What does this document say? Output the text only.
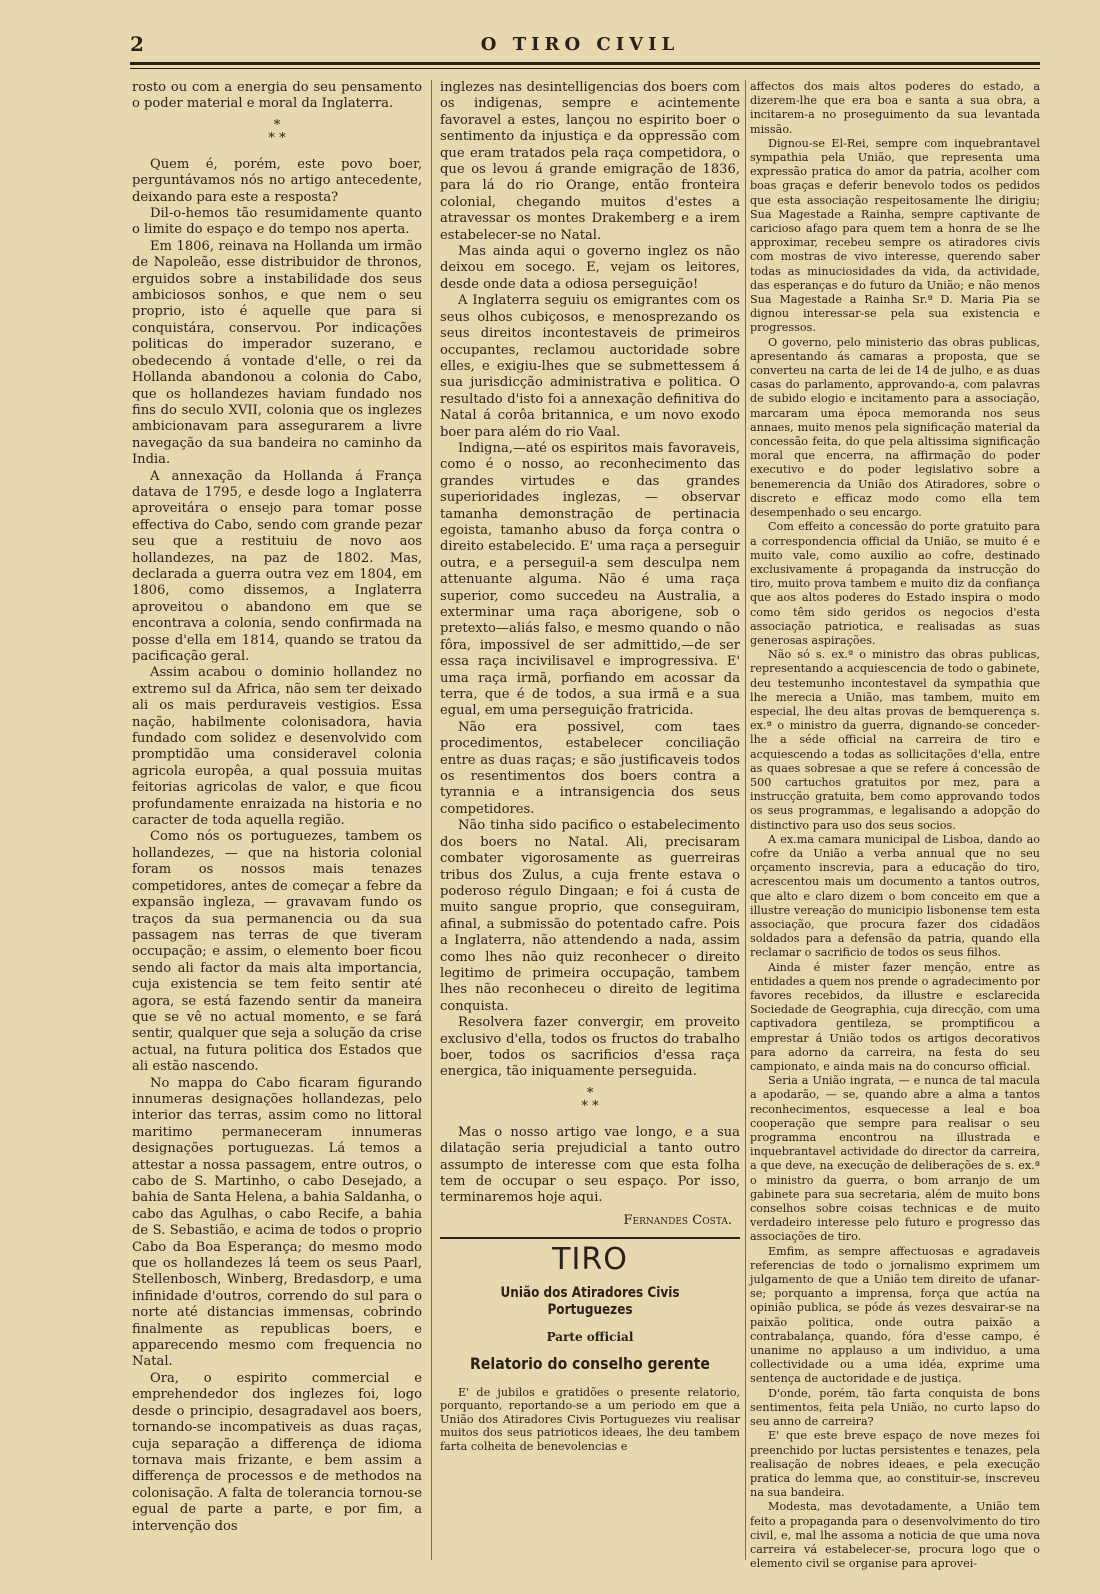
2	O TIRO CIVIL

rosto ou com a energia do seu pensamento o poder material e moral da Inglaterra.

*
* *

Quem é, porém, este povo boer, perguntávamos nós no artigo antecedente, deixando para este a resposta?

Dil-o-hemos tão resumidamente quanto o limite do espaço e do tempo nos aperta.

Em 1806, reinava na Hollanda um irmão de Napoleão, esse distribuidor de thronos, erguidos sobre a instabilidade dos seus ambiciosos sonhos, e que nem o seu proprio, isto é aquelle que para si conquistára, conservou. Por indicações politicas do imperador suzerano, e obedecendo á vontade d'elle, o rei da Hollanda abandonou a colonia do Cabo, que os hollandezes haviam fundado nos fins do seculo XVII, colonia que os inglezes ambicionavam para assegurarem a livre navegação da sua bandeira no caminho da India.

A annexação da Hollanda á França datava de 1795, e desde logo a Inglaterra aproveitára o ensejo para tomar posse effectiva do Cabo, sendo com grande pezar seu que a restituiu de novo aos hollandezes, na paz de 1802. Mas, declarada a guerra outra vez em 1804, em 1806, como dissemos, a Inglaterra aproveitou o abandono em que se encontrava a colonia, sendo confirmada na posse d'ella em 1814, quando se tratou da pacificação geral.

Assim acabou o dominio hollandez no extremo sul da Africa, não sem ter deixado ali os mais perduraveis vestigios. Essa nação, habilmente colonisadora, havia fundado com solidez e desenvolvido com promptidão uma consideravel colonia agricola europêa, a qual possuia muitas feitorias agricolas de valor, e que ficou profundamente enraizada na historia e no caracter de toda aquella região.

Como nós os portuguezes, tambem os hollandezes, — que na historia colonial foram os nossos mais tenazes competidores, antes de começar a febre da expansão ingleza, — gravavam fundo os traços da sua permanencia ou da sua passagem nas terras de que tiveram occupação; e assim, o elemento boer ficou sendo ali factor da mais alta importancia, cuja existencia se tem feito sentir até agora, se está fazendo sentir da maneira que se vê no actual momento, e se fará sentir, qualquer que seja a solução da crise actual, na futura politica dos Estados que ali estão nascendo.

No mappa do Cabo ficaram figurando innumeras designações hollandezas, pelo interior das terras, assim como no littoral maritimo permaneceram innumeras designações portuguezas. Lá temos a attestar a nossa passagem, entre outros, o cabo de S. Martinho, o cabo Desejado, a bahia de Santa Helena, a bahia Saldanha, o cabo das Agulhas, o cabo Recife, a bahia de S. Sebastião, e acima de todos o proprio Cabo da Boa Esperança; do mesmo modo que os hollandezes lá teem os seus Paarl, Stellenbosch, Winberg, Bredasdorp, e uma infinidade d'outros, correndo do sul para o norte até distancias immensas, cobrindo finalmente as republicas boers, e apparecendo mesmo com frequencia no Natal.

Ora, o espirito commercial e emprehendedor dos inglezes foi, logo desde o principio, desagradavel aos boers, tornando-se incompativeis as duas raças, cuja separação a differença de idioma tornava mais frizante, e bem assim a differença de processos e de methodos na colonisação. A falta de tolerancia tornou-se egual de parte a parte, e por fim, a intervenção dos

inglezes nas desintelligencias dos boers com os indigenas, sempre e acintemente favoravel a estes, lançou no espirito boer o sentimento da injustiça e da oppressão com que eram tratados pela raça competidora, o que os levou á grande emigração de 1836, para lá do rio Orange, então fronteira colonial, chegando muitos d'estes a atravessar os montes Drakemberg e a irem estabelecer-se no Natal.

Mas ainda aqui o governo inglez os não deixou em socego. E, vejam os leitores, desde onde data a odiosa perseguição!

A Inglaterra seguiu os emigrantes com os seus olhos cubiçosos, e menosprezando os seus direitos incontestaveis de primeiros occupantes, reclamou auctoridade sobre elles, e exigiu-lhes que se submettessem á sua jurisdicção administrativa e politica. O resultado d'isto foi a annexação definitiva do Natal á corôa britannica, e um novo exodo boer para além do rio Vaal.

Indigna,—até os espiritos mais favoraveis, como é o nosso, ao reconhecimento das grandes virtudes e das grandes superioridades inglezas, — observar tamanha demonstração de pertinacia egoista, tamanho abuso da força contra o direito estabelecido. E' uma raça a perseguir outra, e a perseguil-a sem desculpa nem attenuante alguma. Não é uma raça superior, como succedeu na Australia, a exterminar uma raça aborigene, sob o pretexto—aliás falso, e mesmo quando o não fôra, impossivel de ser admittido,—de ser essa raça incivilisavel e improgressiva. E' uma raça irmã, porfiando em acossar da terra, que é de todos, a sua irmã e a sua egual, em uma perseguição fratricida.

Não era possivel, com taes procedimentos, estabelecer conciliação entre as duas raças; e são justificaveis todos os resentimentos dos boers contra a tyrannia e a intransigencia dos seus competidores.

Não tinha sido pacifico o estabelecimento dos boers no Natal. Ali, precisaram combater vigorosamente as guerreiras tribus dos Zulus, a cuja frente estava o poderoso régulo Dingaan; e foi á custa de muito sangue proprio, que conseguiram, afinal, a submissão do potentado cafre. Pois a Inglaterra, não attendendo a nada, assim como lhes não quiz reconhecer o direito legitimo de primeira occupação, tambem lhes não reconheceu o direito de legitima conquista.

Resolvera fazer convergir, em proveito exclusivo d'ella, todos os fructos do trabalho boer, todos os sacrificios d'essa raça energica, tão iniquamente perseguida.

*
* *

Mas o nosso artigo vae longo, e a sua dilatação seria prejudicial a tanto outro assumpto de interesse com que esta folha tem de occupar o seu espaço. Por isso, terminaremos hoje aqui.

Fernandes Costa.
TIRO
União dos Atiradores Civis Portuguezes
Parte official
Relatorio do conselho gerente

E' de jubilos e gratidões o presente relatorio, porquanto, reportando-se a um periodo em que a União dos Atiradores Civis Portuguezes viu realisar muitos dos seus patrioticos ideaes, lhe deu tambem farta colheita de benevolencias e

affectos dos mais altos poderes do estado, a dizerem-lhe que era boa e santa a sua obra, a incitarem-a no proseguimento da sua levantada missão.

Dignou-se El-Rei, sempre com inquebrantavel sympathia pela União, que representa uma expressão pratica do amor da patria, acolher com boas graças e deferir benevolo todos os pedidos que esta associação respeitosamente lhe dirigiu; Sua Magestade a Rainha, sempre captivante de caricioso afago para quem tem a honra de se lhe approximar, recebeu sempre os atiradores civis com mostras de vivo interesse, querendo saber todas as minuciosidades da vida, da actividade, das esperanças e do futuro da União; e não menos Sua Magestade a Rainha Sr.ª D. Maria Pia se dignou interessar-se pela sua existencia e progressos.

O governo, pelo ministerio das obras publicas, apresentando ás camaras a proposta, que se converteu na carta de lei de 14 de julho, e as duas casas do parlamento, approvando-a, com palavras de subido elogio e incitamento para a associação, marcaram uma época memoranda nos seus annaes, muito menos pela significação material da concessão feita, do que pela altissima significação moral que encerra, na affirmação do poder executivo e do poder legislativo sobre a benemerencia da União dos Atiradores, sobre o discreto e efficaz modo como ella tem desempenhado o seu encargo.

Com effeito a concessão do porte gratuito para a correspondencia official da União, se muito é e muito vale, como auxilio ao cofre, destinado exclusivamente á propaganda da instrucção do tiro, muito prova tambem e muito diz da confiança que aos altos poderes do Estado inspira o modo como têm sido geridos os negocios d'esta associação patriotica, e realisadas as suas generosas aspirações.

Não só s. ex.ª o ministro das obras publicas, representando a acquiescencia de todo o gabinete, deu testemunho incontestavel da sympathia que lhe merecia a União, mas tambem, muito em especial, lhe deu altas provas de bemquerença s. ex.ª o ministro da guerra, dignando-se conceder-lhe a séde official na carreira de tiro e acquiescendo a todas as sollicitações d'ella, entre as quaes sobresae a que se refere á concessão de 500 cartuchos gratuitos por mez, para a instrucção gratuita, bem como approvando todos os seus programmas, e legalisando a adopção do distinctivo para uso dos seus socios.

A ex.ma camara municipal de Lisboa, dando ao cofre da União a verba annual que no seu orçamento inscrevia, para a educação do tiro, acrescentou mais um documento a tantos outros, que alto e claro dizem o bom conceito em que a illustre vereação do municipio lisbonense tem esta associação, que procura fazer dos cidadãos soldados para a defensão da patria, quando ella reclamar o sacrificio de todos os seus filhos.

Ainda é mister fazer menção, entre as entidades a quem nos prende o agradecimento por favores recebidos, da illustre e esclarecida Sociedade de Geographia, cuja direcção, com uma captivadora gentileza, se promptificou a emprestar á União todos os artigos decorativos para adorno da carreira, na festa do seu campionato, e ainda mais na do concurso official.

Seria a União ingrata, — e nunca de tal macula a apodarão, — se, quando abre a alma a tantos reconhecimentos, esquecesse a leal e boa cooperação que sempre para realisar o seu programma encontrou na illustrada e inquebrantavel actividade do director da carreira, a que deve, na execução de deliberações de s. ex.ª o ministro da guerra, o bom arranjo de um gabinete para sua secretaria, além de muito bons conselhos sobre coisas technicas e de muito verdadeiro interesse pelo futuro e progresso das associações de tiro.

Emfim, as sempre affectuosas e agradaveis referencias de todo o jornalismo exprimem um julgamento de que a União tem direito de ufanar-se; porquanto a imprensa, força que actúa na opinião publica, se póde ás vezes desvairar-se na paixão politica, onde outra paixão a contrabalança, quando, fóra d'esse campo, é unanime no applauso a um individuo, a uma collectividade ou a uma idéa, exprime uma sentença de auctoridade e de justiça.

D'onde, porém, tão farta conquista de bons sentimentos, feita pela União, no curto lapso do seu anno de carreira?

E' que este breve espaço de nove mezes foi preenchido por luctas persistentes e tenazes, pela realisação de nobres ideaes, e pela execução pratica do lemma que, ao constituir-se, inscreveu na sua bandeira.

Modesta, mas devotadamente, a União tem feito a propaganda para o desenvolvimento do tiro civil, e, mal lhe assoma a noticia de que uma nova carreira vá estabelecer-se, procura logo que o elemento civil se organise para aprovei-
